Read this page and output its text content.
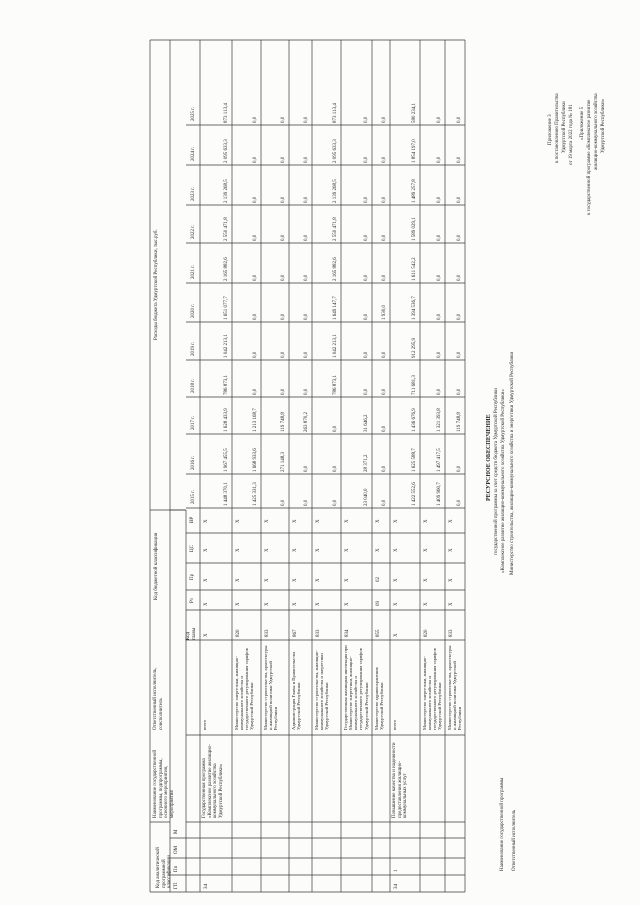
Приложение 3 к постановлению Правительства Удмуртской Республики от 19 марта 2022 года № 181 «Приложение 5 к государственной программе «Комплексное развитие жилищно-коммунального хозяйства Удмуртской Республики»
РЕСУРСНОЕ ОБЕСПЕЧЕНИЕ государственной программы за счет средств бюджета Удмуртской Республики «Комплексное развитие жилищно-коммунального хозяйства Удмуртской Республики» Министерство строительства, жилищно-коммунального хозяйства и энергетики Удмуртской Республики
Наименование государственной программы Ответственный исполнитель
Код аналитической программной классификации ГП
Пп
ОМ
М
Наименование государственной программы, подпрограммы, основного мероприятия, мероприятия
Ответственный исполнитель, соисполнитель
Код бюджетной классификации
Код главы
Рз
Пр
ЦС
ВР
Расходы бюджета Удмуртской Республики, тыс.руб.
2015 г.
2016 г.
2017 г.
2018 г.
2019 г.
2020 г.
2021 г.
2022 г.
2023 г.
2024 г.
2025 г.
34
Государственная программа «Комплексное развитие жилищно-коммунального хозяйства Удмуртской Республики»
всего
Х
Х
Х
Х
Х
1 448 370,1
1 967 455,5
1 628 433,9
786 873,1
1 042 213,1
1 651 077,7
2 165 882,6
2 550 471,8
2 139 268,5
2 095 633,3
873 113,4
Министерство энергетики, жилищно-коммунального хозяйства и государственного регулирования тарифов Удмуртской Республики
820
Х
Х
Х
Х
1 425 331,3
1 668 933,6
1 213 168,7
0,0
0,0
0,0
0,0
0,0
0,0
0,0
0,0
Министерство строительства, архитектуры и жилищной политики Удмуртской Республики
833
Х
Х
Х
Х
0,0
271 148,3
119 748,8
0,0
0,0
0,0
0,0
0,0
0,0
0,0
0,0
Администрация Главы и Правительства Удмуртской Республики
867
Х
Х
Х
Х
0,0
0,0
263 870,2
0,0
0,0
0,0
0,0
0,0
0,0
0,0
0,0
Министерство строительства, жилищно-коммунального хозяйства и энергетики Удмуртской Республики
833
Х
Х
Х
Х
0,0
0,0
0,0
786 873,1
1 042 213,1
1 649 147,7
2 165 882,6
2 550 471,8
2 139 268,5
2 095 633,3
873 113,4
Государственная жилищная инспекция при Министерстве энергетики, жилищно-коммунального хозяйства и государственного регулирования тарифов Удмуртской Республики
834
Х
Х
Х
Х
23 040,0
28 371,2
31 646,2
0,0
0,0
0,0
0,0
0,0
0,0
0,0
0,0
Министерство здравоохранения Удмуртской Республики
855
09
02
Х
Х
0,0
0,0
0,0
0,0
0,0
1 930,0
0,0
0,0
0,0
0,0
0,0
34
1
Повышение качества и надежности предоставления жилищно-коммунальных услуг
всего
Х
Х
Х
Х
Х
1 422 552,6
1 625 588,7
1 436 676,9
711 681,3
912 295,9
1 394 536,7
1 611 542,2
1 589 029,1
1 489 257,8
1 854 197,0
580 234,1
Министерство энергетики, жилищно-коммунального хозяйства и государственного регулирования тарифов Удмуртской Республики
820
Х
Х
Х
Х
1 409 960,7
1 497 417,5
1 321 393,8
0,0
0,0
0,0
0,0
0,0
0,0
0,0
0,0
Министерство строительства, архитектуры и жилищной политики Удмуртской Республики
833
Х
Х
Х
Х
0,0
0,0
119 748,8
0,0
0,0
0,0
0,0
0,0
0,0
0,0
0,0
